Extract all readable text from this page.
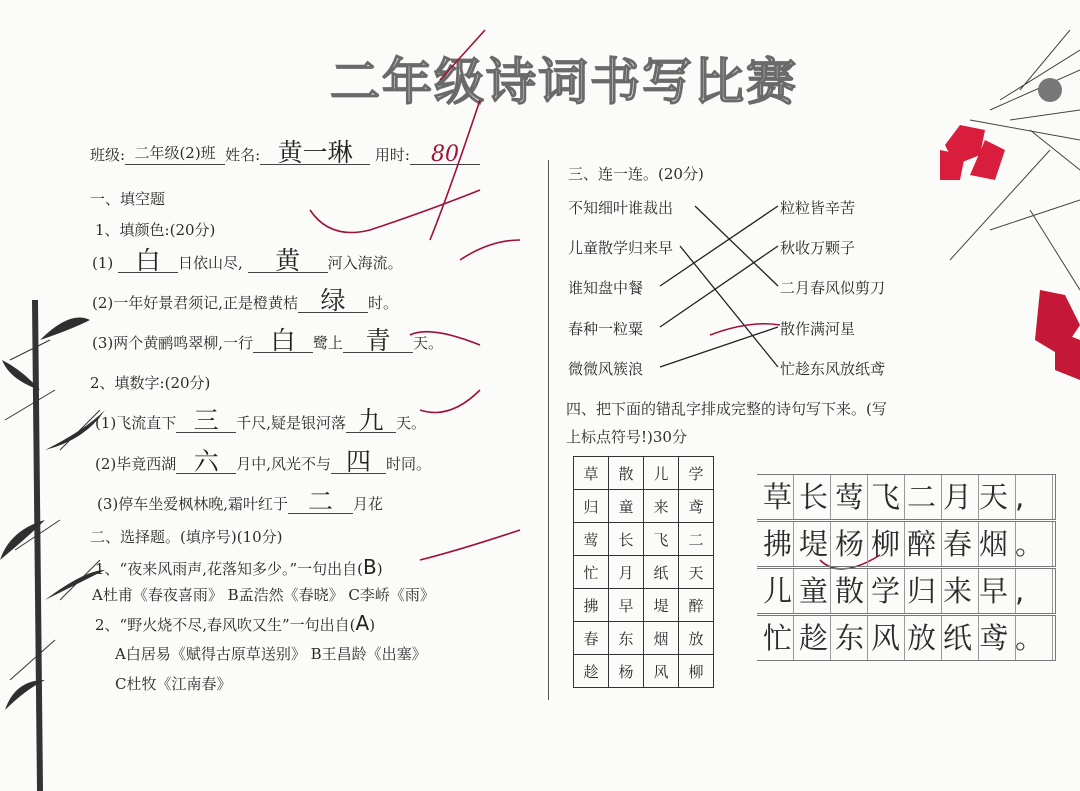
二年级诗词书写比赛
班级: 二年级(2)班 姓名: 黄一琳 用时: 80
一、填空题
1、填颜色:(20分)
(1) 白 日依山尽, 黄 河入海流。
(2)一年好景君须记,正是橙黄桔 绿 时。
(3)两个黄鹂鸣翠柳,一行 白 鹭上 青 天。
2、填数字:(20分)
(1)飞流直下 三 千尺,疑是银河落 九 天。
(2)毕竟西湖 六 月中,风光不与 四 时同。
(3)停车坐爱枫林晚,霜叶红于 二 月花
二、选择题。(填序号)(10分)
1、“夜来风雨声,花落知多少。”一句出自(B)
A杜甫《春夜喜雨》 B孟浩然《春晓》 C李峤《雨》
2、“野火烧不尽,春风吹又生”一句出自(A)
A白居易《赋得古原草送别》 B王昌龄《出塞》
C杜牧《江南春》
三、连一连。(20分)
不知细叶谁裁出
儿童散学归来早
谁知盘中餐
春种一粒粟
微微风簇浪
粒粒皆辛苦
秋收万颗子
二月春风似剪刀
散作满河星
忙趁东风放纸鸢
四、把下面的错乱字排成完整的诗句写下来。(写
上标点符号!)30分
草	散	儿	学
归	童	来	鸢
莺	长	飞	二
忙	月	纸	天
拂	早	堤	醉
春	东	烟	放
趁	杨	风	柳
草长莺飞二月天,
拂堤杨柳醉春烟。
儿童散学归来早,
忙趁东风放纸鸢。
